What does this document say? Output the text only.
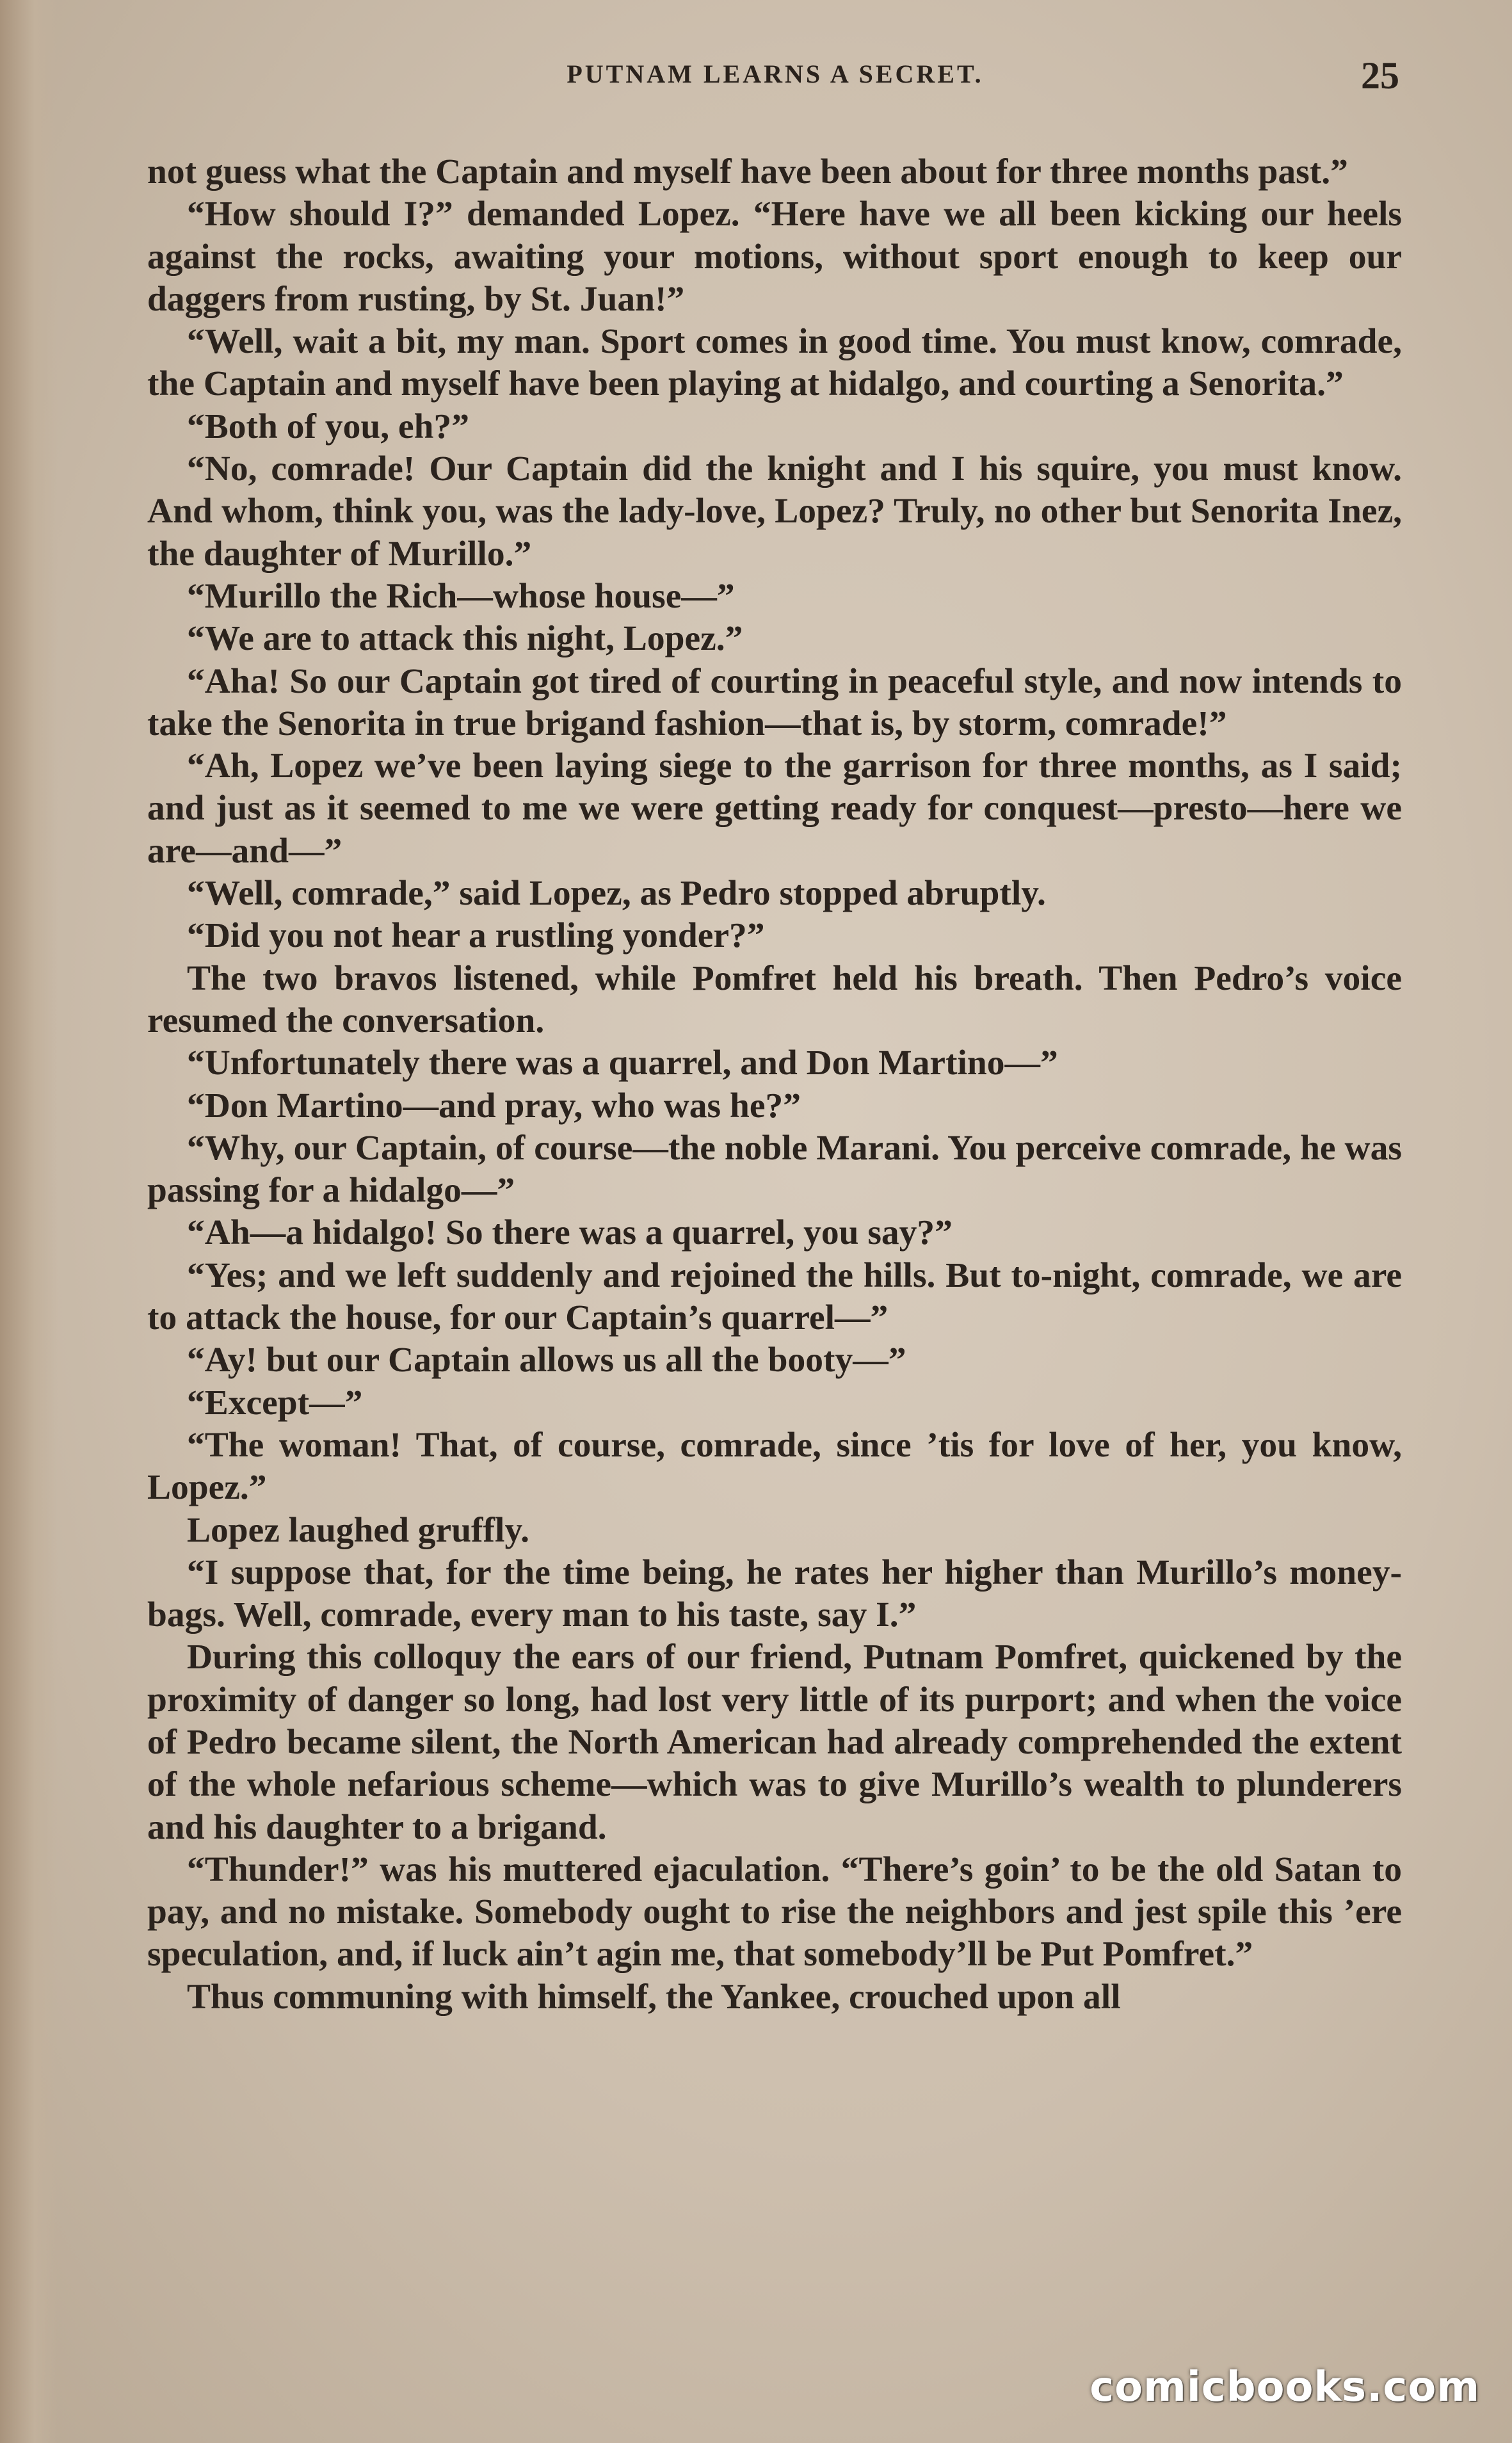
PUTNAM LEARNS A SECRET.	25

not guess what the Captain and myself have been about for three months past.”

“How should I?” demanded Lopez. “Here have we all been kicking our heels against the rocks, awaiting your motions, without sport enough to keep our daggers from rusting, by St. Juan!”

“Well, wait a bit, my man. Sport comes in good time. You must know, comrade, the Captain and myself have been playing at hidalgo, and courting a Senorita.”

“Both of you, eh?”

“No, comrade! Our Captain did the knight and I his squire, you must know. And whom, think you, was the lady-love, Lopez? Truly, no other but Senorita Inez, the daughter of Murillo.”

“Murillo the Rich—whose house—”

“We are to attack this night, Lopez.”

“Aha! So our Captain got tired of courting in peaceful style, and now intends to take the Senorita in true brigand fashion—that is, by storm, comrade!”

“Ah, Lopez we’ve been laying siege to the garrison for three months, as I said; and just as it seemed to me we were getting ready for conquest—presto—here we are—and—”

“Well, comrade,” said Lopez, as Pedro stopped abruptly.

“Did you not hear a rustling yonder?”

The two bravos listened, while Pomfret held his breath. Then Pedro’s voice resumed the conversation.

“Unfortunately there was a quarrel, and Don Martino—”

“Don Martino—and pray, who was he?”

“Why, our Captain, of course—the noble Marani. You perceive comrade, he was passing for a hidalgo—”

“Ah—a hidalgo! So there was a quarrel, you say?”

“Yes; and we left suddenly and rejoined the hills. But to-night, comrade, we are to attack the house, for our Captain’s quarrel—”

“Ay! but our Captain allows us all the booty—”

“Except—”

“The woman! That, of course, comrade, since ’tis for love of her, you know, Lopez.”

Lopez laughed gruffly.

“I suppose that, for the time being, he rates her higher than Murillo’s money-bags. Well, comrade, every man to his taste, say I.”

During this colloquy the ears of our friend, Putnam Pomfret, quickened by the proximity of danger so long, had lost very little of its purport; and when the voice of Pedro became silent, the North American had already comprehended the extent of the whole nefarious scheme—which was to give Murillo’s wealth to plunderers and his daughter to a brigand.

“Thunder!” was his muttered ejaculation. “There’s goin’ to be the old Satan to pay, and no mistake. Somebody ought to rise the neighbors and jest spile this ’ere speculation, and, if luck ain’t agin me, that somebody’ll be Put Pomfret.”

Thus communing with himself, the Yankee, crouched upon all

comicbooks.com
